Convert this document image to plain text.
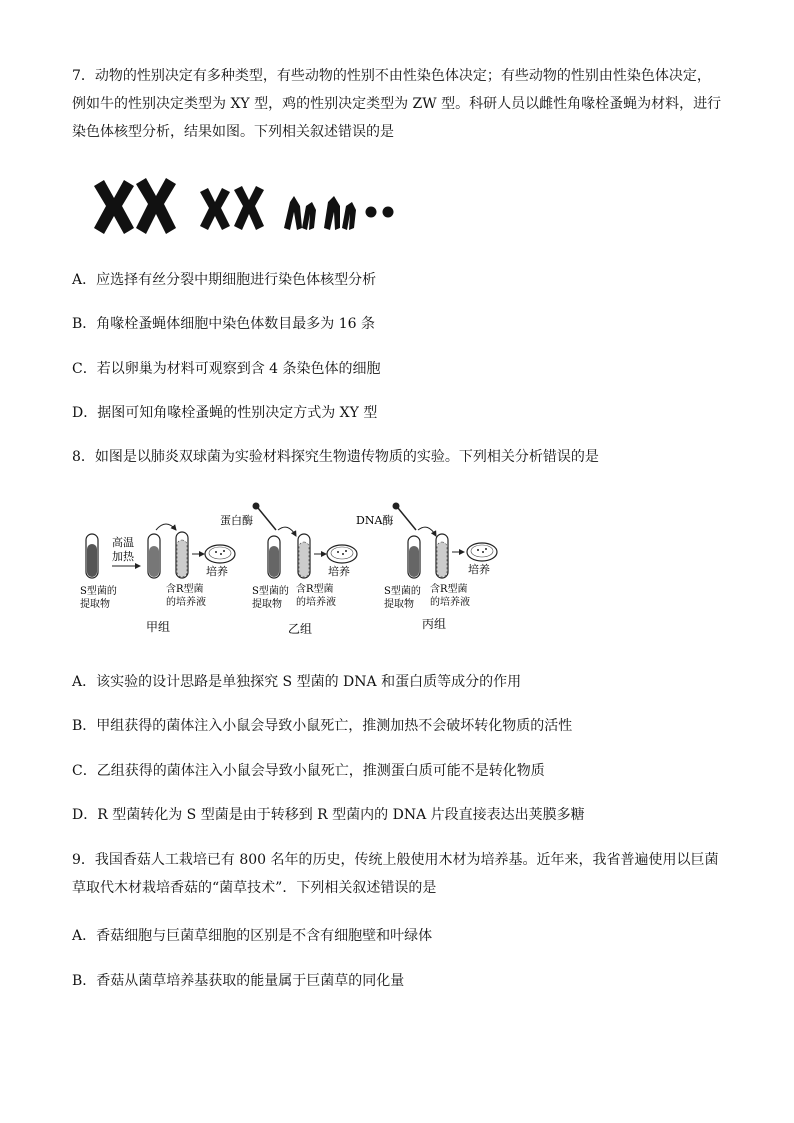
7．动物的性别决定有多种类型，有些动物的性别不由性染色体决定；有些动物的性别由性染色体决定，例如牛的性别决定类型为 XY 型，鸡的性别决定类型为 ZW 型。科研人员以雌性角喙栓蚤蝇为材料，进行染色体核型分析，结果如图。下列相关叙述错误的是

A．应选择有丝分裂中期细胞进行染色体核型分析

B．角喙栓蚤蝇体细胞中染色体数目最多为 16 条

C．若以卵巢为材料可观察到含 4 条染色体的细胞

D．据图可知角喙栓蚤蝇的性别决定方式为 XY 型

8．如图是以肺炎双球菌为实验材料探究生物遗传物质的实验。下列相关分析错误的是

高温
加热
培养
S型菌的
提取物
含R型菌
的培养液
甲组
蛋白酶
培养
S型菌的
提取物
含R型菌
的培养液
乙组
DNA酶
培养
S型菌的
提取物
含R型菌
的培养液
丙组

A．该实验的设计思路是单独探究 S 型菌的 DNA 和蛋白质等成分的作用

B．甲组获得的菌体注入小鼠会导致小鼠死亡，推测加热不会破坏转化物质的活性

C．乙组获得的菌体注入小鼠会导致小鼠死亡，推测蛋白质可能不是转化物质

D．R 型菌转化为 S 型菌是由于转移到 R 型菌内的 DNA 片段直接表达出荚膜多糖

9．我国香菇人工栽培已有 800 名年的历史，传统上般使用木材为培养基。近年来，我省普遍使用以巨菌草取代木材栽培香菇的“菌草技术”．下列相关叙述错误的是

A．香菇细胞与巨菌草细胞的区别是不含有细胞壁和叶绿体

B．香菇从菌草培养基获取的能量属于巨菌草的同化量
